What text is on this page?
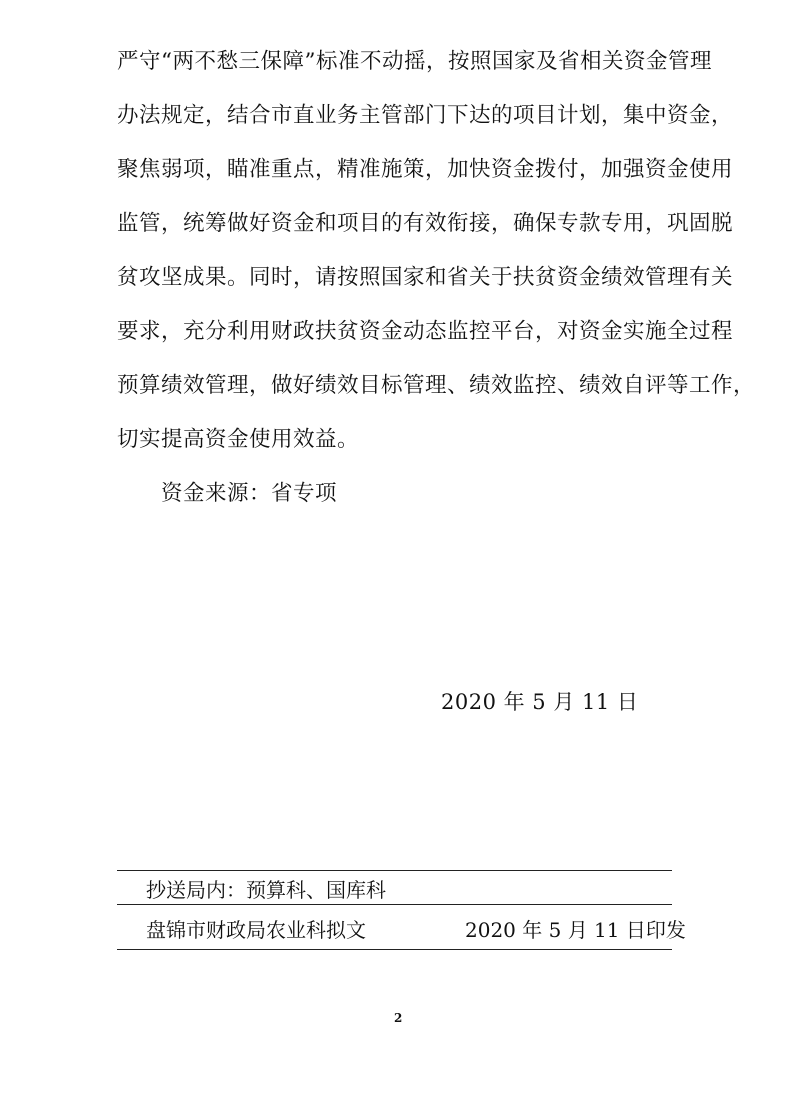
严守“两不愁三保障”标准不动摇，按照国家及省相关资金管理
办法规定，结合市直业务主管部门下达的项目计划，集中资金，
聚焦弱项，瞄准重点，精准施策，加快资金拨付，加强资金使用
监管，统筹做好资金和项目的有效衔接，确保专款专用，巩固脱
贫攻坚成果。同时，请按照国家和省关于扶贫资金绩效管理有关
要求，充分利用财政扶贫资金动态监控平台，对资金实施全过程
预算绩效管理，做好绩效目标管理、绩效监控、绩效自评等工作，
切实提高资金使用效益。
资金来源：省专项
2020 年 5 月 11 日
抄送局内：预算科、国库科
盘锦市财政局农业科拟文	2020 年 5 月 11 日印发
2
